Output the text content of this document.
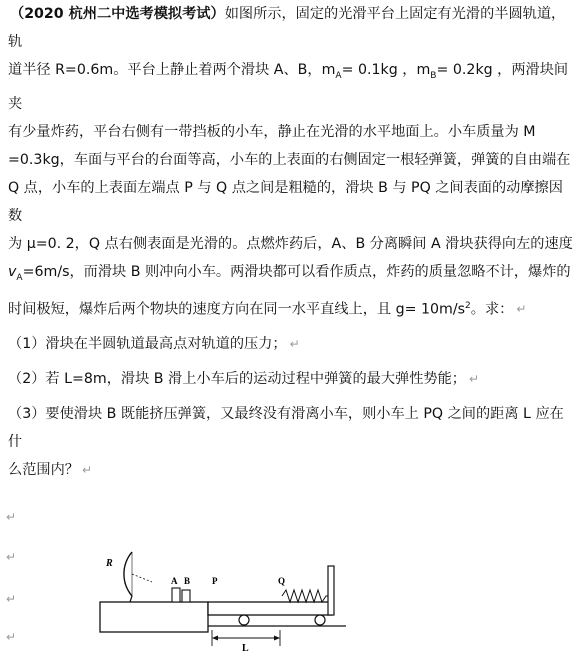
（2020 杭州二中选考模拟考试）如图所示，固定的光滑平台上固定有光滑的半圆轨道，轨

道半径 R=0.6m。平台上静止着两个滑块 A、B，$m_A= 0.1kg$ ，$m_B= 0.2kg$ ，两滑块间夹

有少量炸药，平台右侧有一带挡板的小车，静止在光滑的水平地面上。小车质量为 M

=0.3kg，车面与平台的台面等高，小车的上表面的右侧固定一根轻弹簧，弹簧的自由端在

Q 点，小车的上表面左端点 P 与 Q 点之间是粗糙的，滑块 B 与 PQ 之间表面的动摩擦因数

为 μ=0. 2，Q 点右侧表面是光滑的。点燃炸药后，A、B 分离瞬间 A 滑块获得向左的速度

$v_A=6m/s$，而滑块 B 则冲向小车。两滑块都可以看作质点，炸药的质量忽略不计，爆炸的

时间极短，爆炸后两个物块的速度方向在同一水平直线上，且 $g= 10m/s^2$。求： ↵

（1）滑块在半圆轨道最高点对轨道的压力； ↵

（2）若 L=8m，滑块 B 滑上小车后的运动过程中弹簧的最大弹性势能； ↵

（3）要使滑块 B 既能挤压弹簧，又最终没有滑离小车，则小车上 PQ 之间的距离 L 应在 什

么范围内？ ↵

↵
↵
↵
↵
R
A B P	Q
L
